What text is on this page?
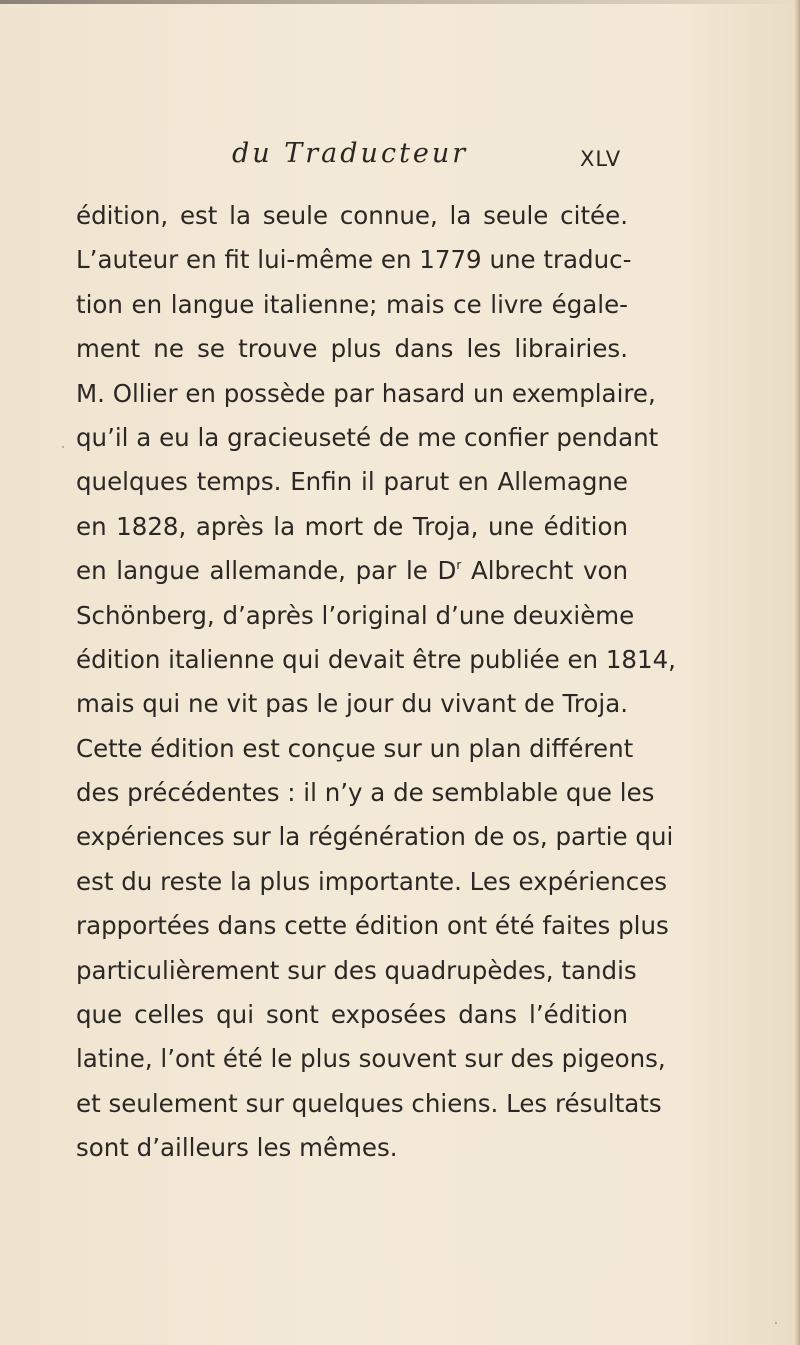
du Traducteur	XLV
édition, est la seule connue, la seule citée.
L’auteur en fit lui-même en 1779 une traduc-
tion en langue italienne; mais ce livre égale-
ment ne se trouve plus dans les librairies.
M. Ollier en possède par hasard un exemplaire,
qu’il a eu la gracieuseté de me confier pendant
quelques temps. Enfin il parut en Allemagne
en 1828, après la mort de Troja, une édition
en langue allemande, par le $D^r$ Albrecht von
Schönberg, d’après l’original d’une deuxième
édition italienne qui devait être publiée en 1814,
mais qui ne vit pas le jour du vivant de Troja.
Cette édition est conçue sur un plan différent
des précédentes : il n’y a de semblable que les
expériences sur la régénération de os, partie qui
est du reste la plus importante. Les expériences
rapportées dans cette édition ont été faites plus
particulièrement sur des quadrupèdes, tandis
que celles qui sont exposées dans l’édition
latine, l’ont été le plus souvent sur des pigeons,
et seulement sur quelques chiens. Les résultats
sont d’ailleurs les mêmes.
